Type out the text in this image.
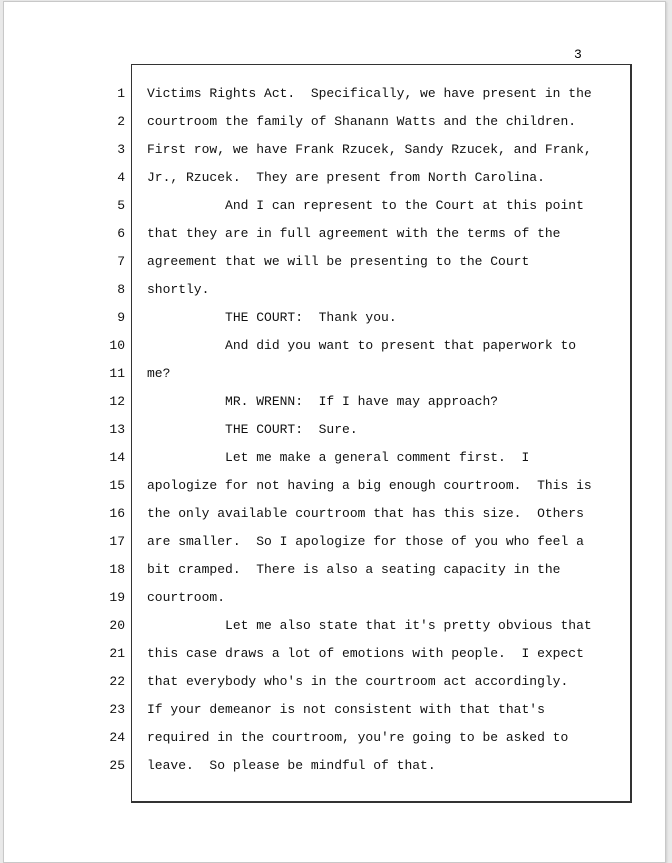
3
1 Victims Rights Act.  Specifically, we have present in the
2 courtroom the family of Shanann Watts and the children.
3 First row, we have Frank Rzucek, Sandy Rzucek, and Frank,
4 Jr., Rzucek.  They are present from North Carolina.
5 And I can represent to the Court at this point
6 that they are in full agreement with the terms of the
7 agreement that we will be presenting to the Court
8 shortly.
9 THE COURT:  Thank you.
10 And did you want to present that paperwork to
11 me?
12 MR. WRENN:  If I have may approach?
13 THE COURT:  Sure.
14 Let me make a general comment first.  I
15 apologize for not having a big enough courtroom.  This is
16 the only available courtroom that has this size.  Others
17 are smaller.  So I apologize for those of you who feel a
18 bit cramped.  There is also a seating capacity in the
19 courtroom.
20 Let me also state that it's pretty obvious that
21 this case draws a lot of emotions with people.  I expect
22 that everybody who's in the courtroom act accordingly.
23 If your demeanor is not consistent with that that's
24 required in the courtroom, you're going to be asked to
25 leave.  So please be mindful of that.
